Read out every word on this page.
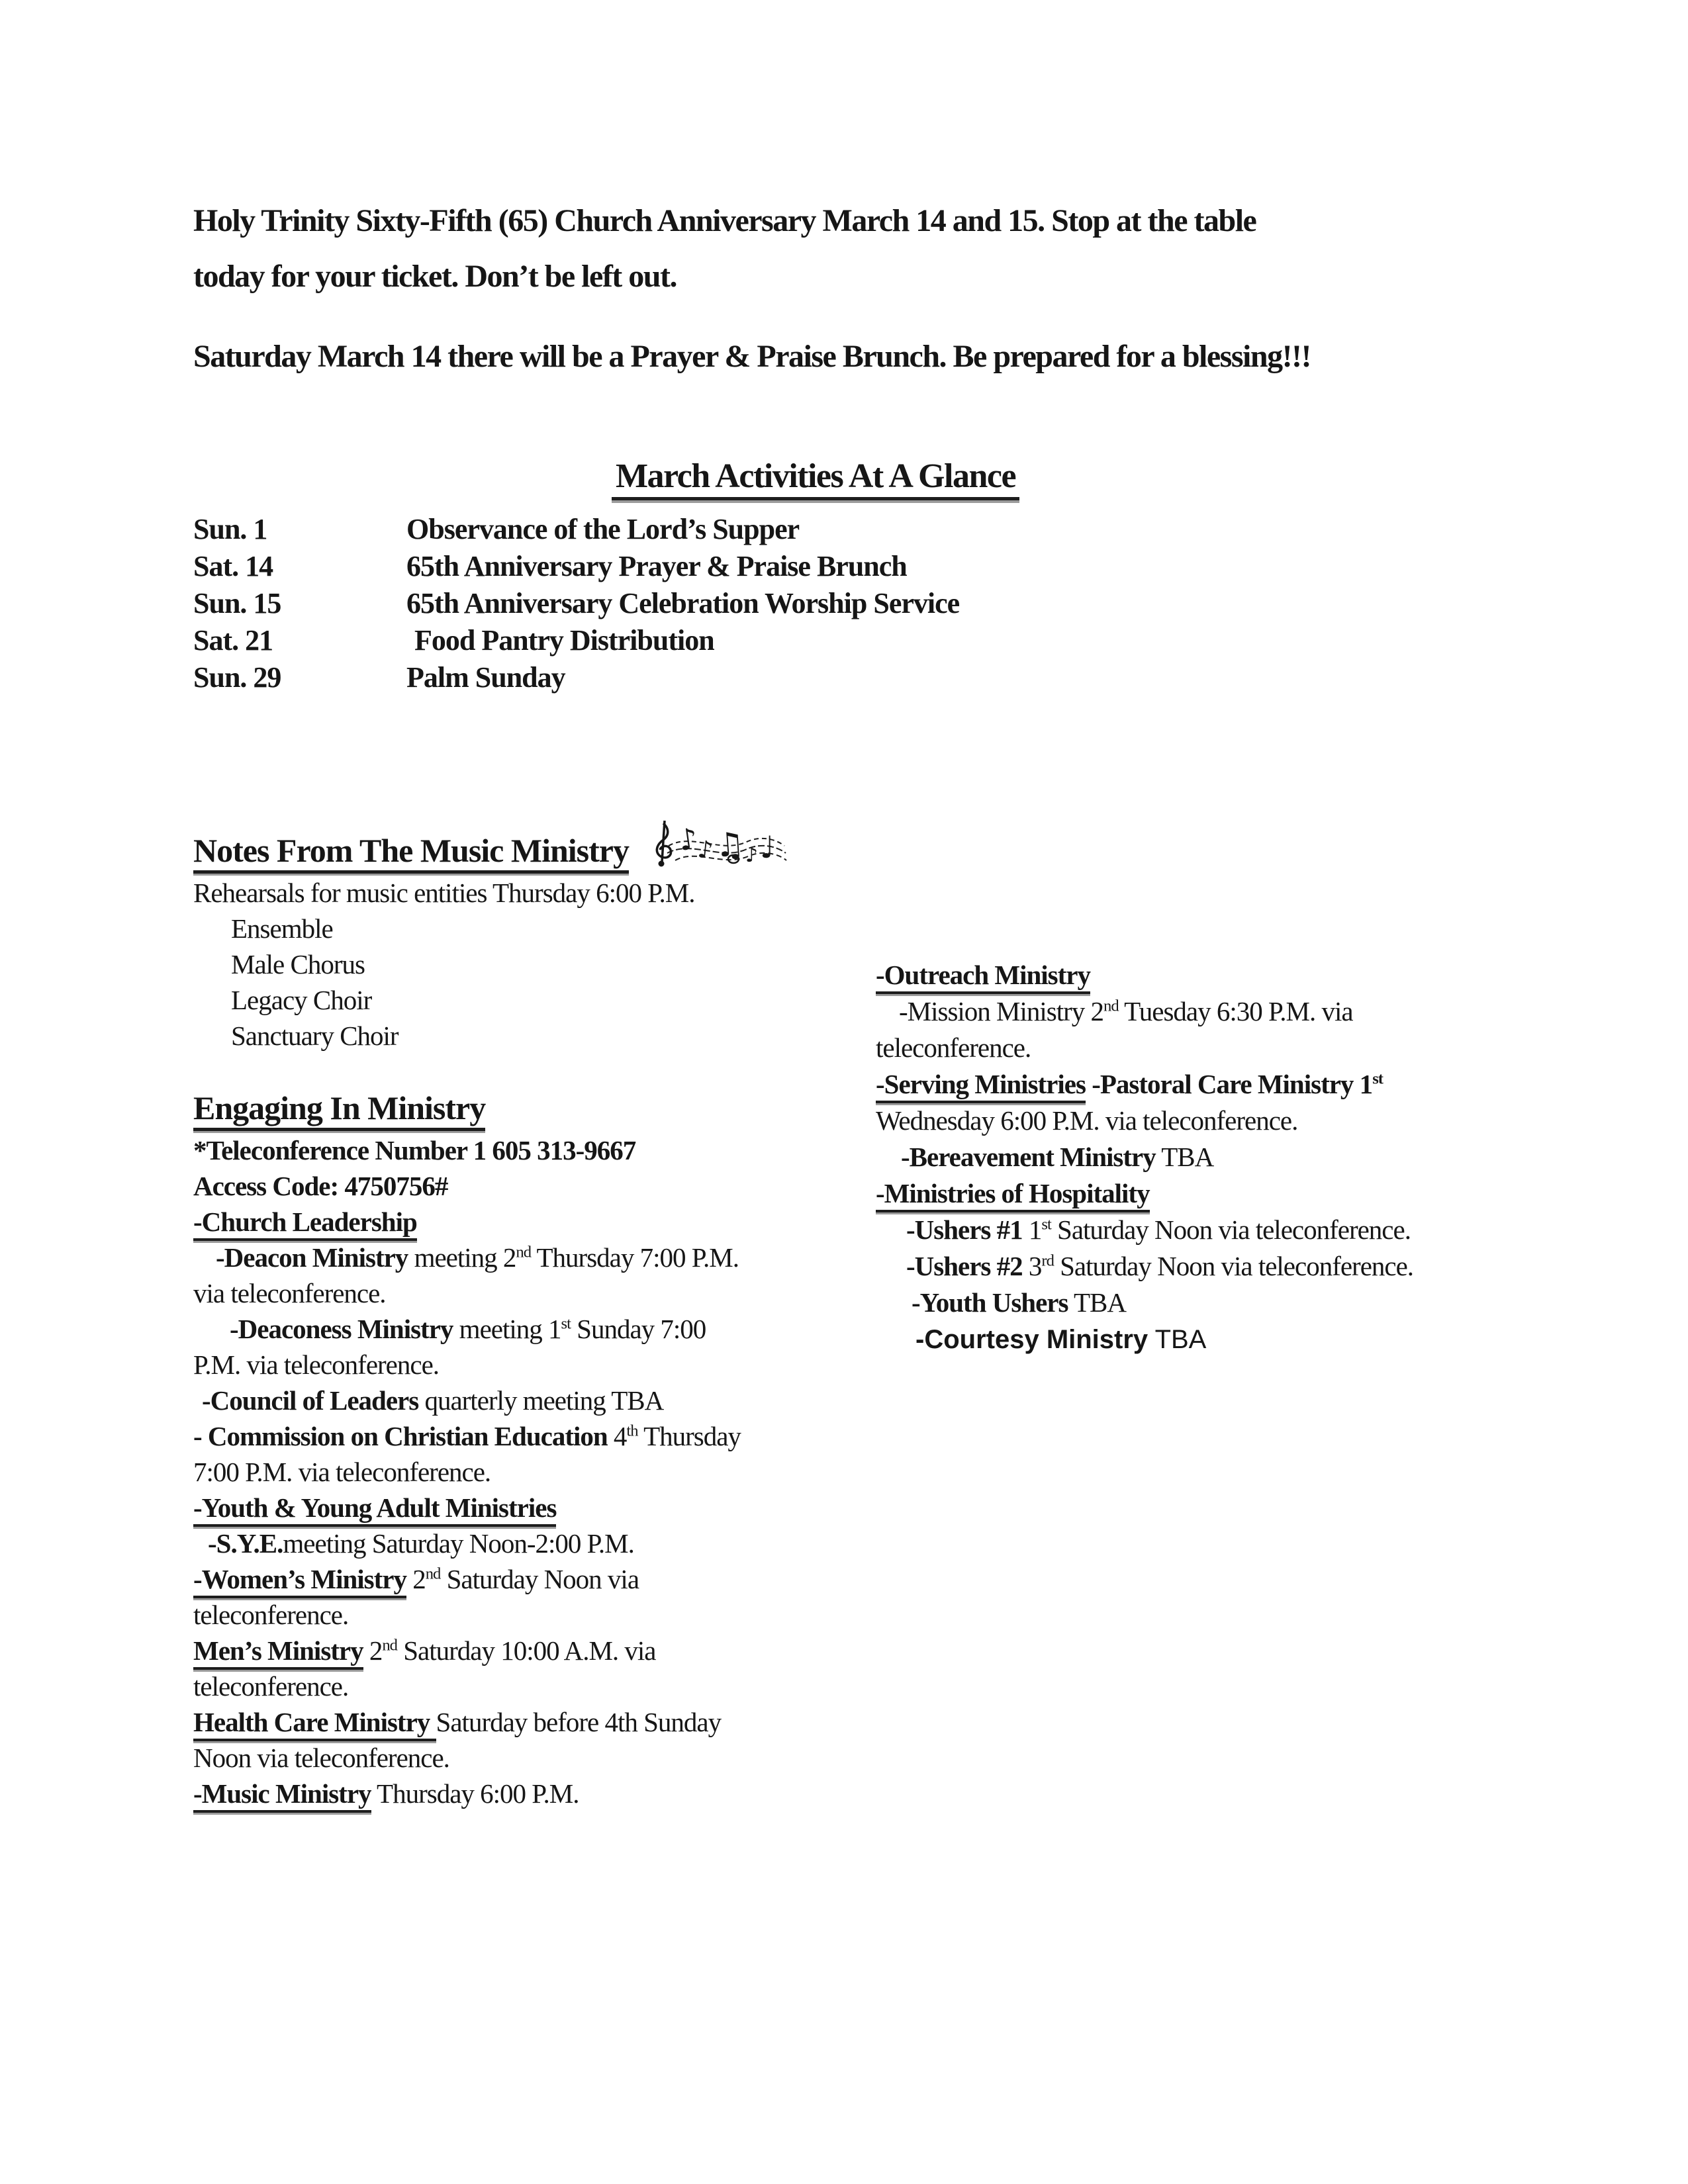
Holy Trinity Sixty-Fifth (65) Church Anniversary March 14 and 15. Stop at the table
today for your ticket. Don’t be left out.
Saturday March 14 there will be a Prayer & Praise Brunch. Be prepared for a blessing!!!
March Activities At A Glance
Sun. 1	Observance of the Lord’s Supper
Sat. 14	65th Anniversary Prayer & Praise Brunch
Sun. 15	65th Anniversary Celebration Worship Service
Sat. 21	Food Pantry Distribution
Sun. 29	Palm Sunday
Notes From The Music Ministry
Rehearsals for music entities Thursday 6:00 P.M.
Ensemble
Male Chorus
Legacy Choir
Sanctuary Choir
♪
♪ ♫ ♪ ♩
Engaging In Ministry
*Teleconference Number 1 605 313-9667
Access Code: 4750756#
-Church Leadership
-Deacon Ministry meeting 2nd Thursday 7:00 P.M.
via teleconference.
-Deaconess Ministry meeting 1st Sunday 7:00
P.M. via teleconference.
-Council of Leaders quarterly meeting TBA
- Commission on Christian Education 4th Thursday
7:00 P.M. via teleconference.
-Youth & Young Adult Ministries
-S.Y.E.meeting Saturday Noon-2:00 P.M.
-Women’s Ministry 2nd Saturday Noon via
teleconference.
Men’s Ministry 2nd Saturday 10:00 A.M. via
teleconference.
Health Care Ministry Saturday before 4th Sunday
Noon via teleconference.
-Music Ministry Thursday 6:00 P.M.
-Outreach Ministry
-Mission Ministry 2nd Tuesday 6:30 P.M. via
teleconference.
-Serving Ministries -Pastoral Care Ministry 1st
Wednesday 6:00 P.M. via teleconference.
-Bereavement Ministry TBA
-Ministries of Hospitality
-Ushers #1 1st Saturday Noon via teleconference.
-Ushers #2 3rd Saturday Noon via teleconference.
-Youth Ushers TBA
-Courtesy Ministry TBA
